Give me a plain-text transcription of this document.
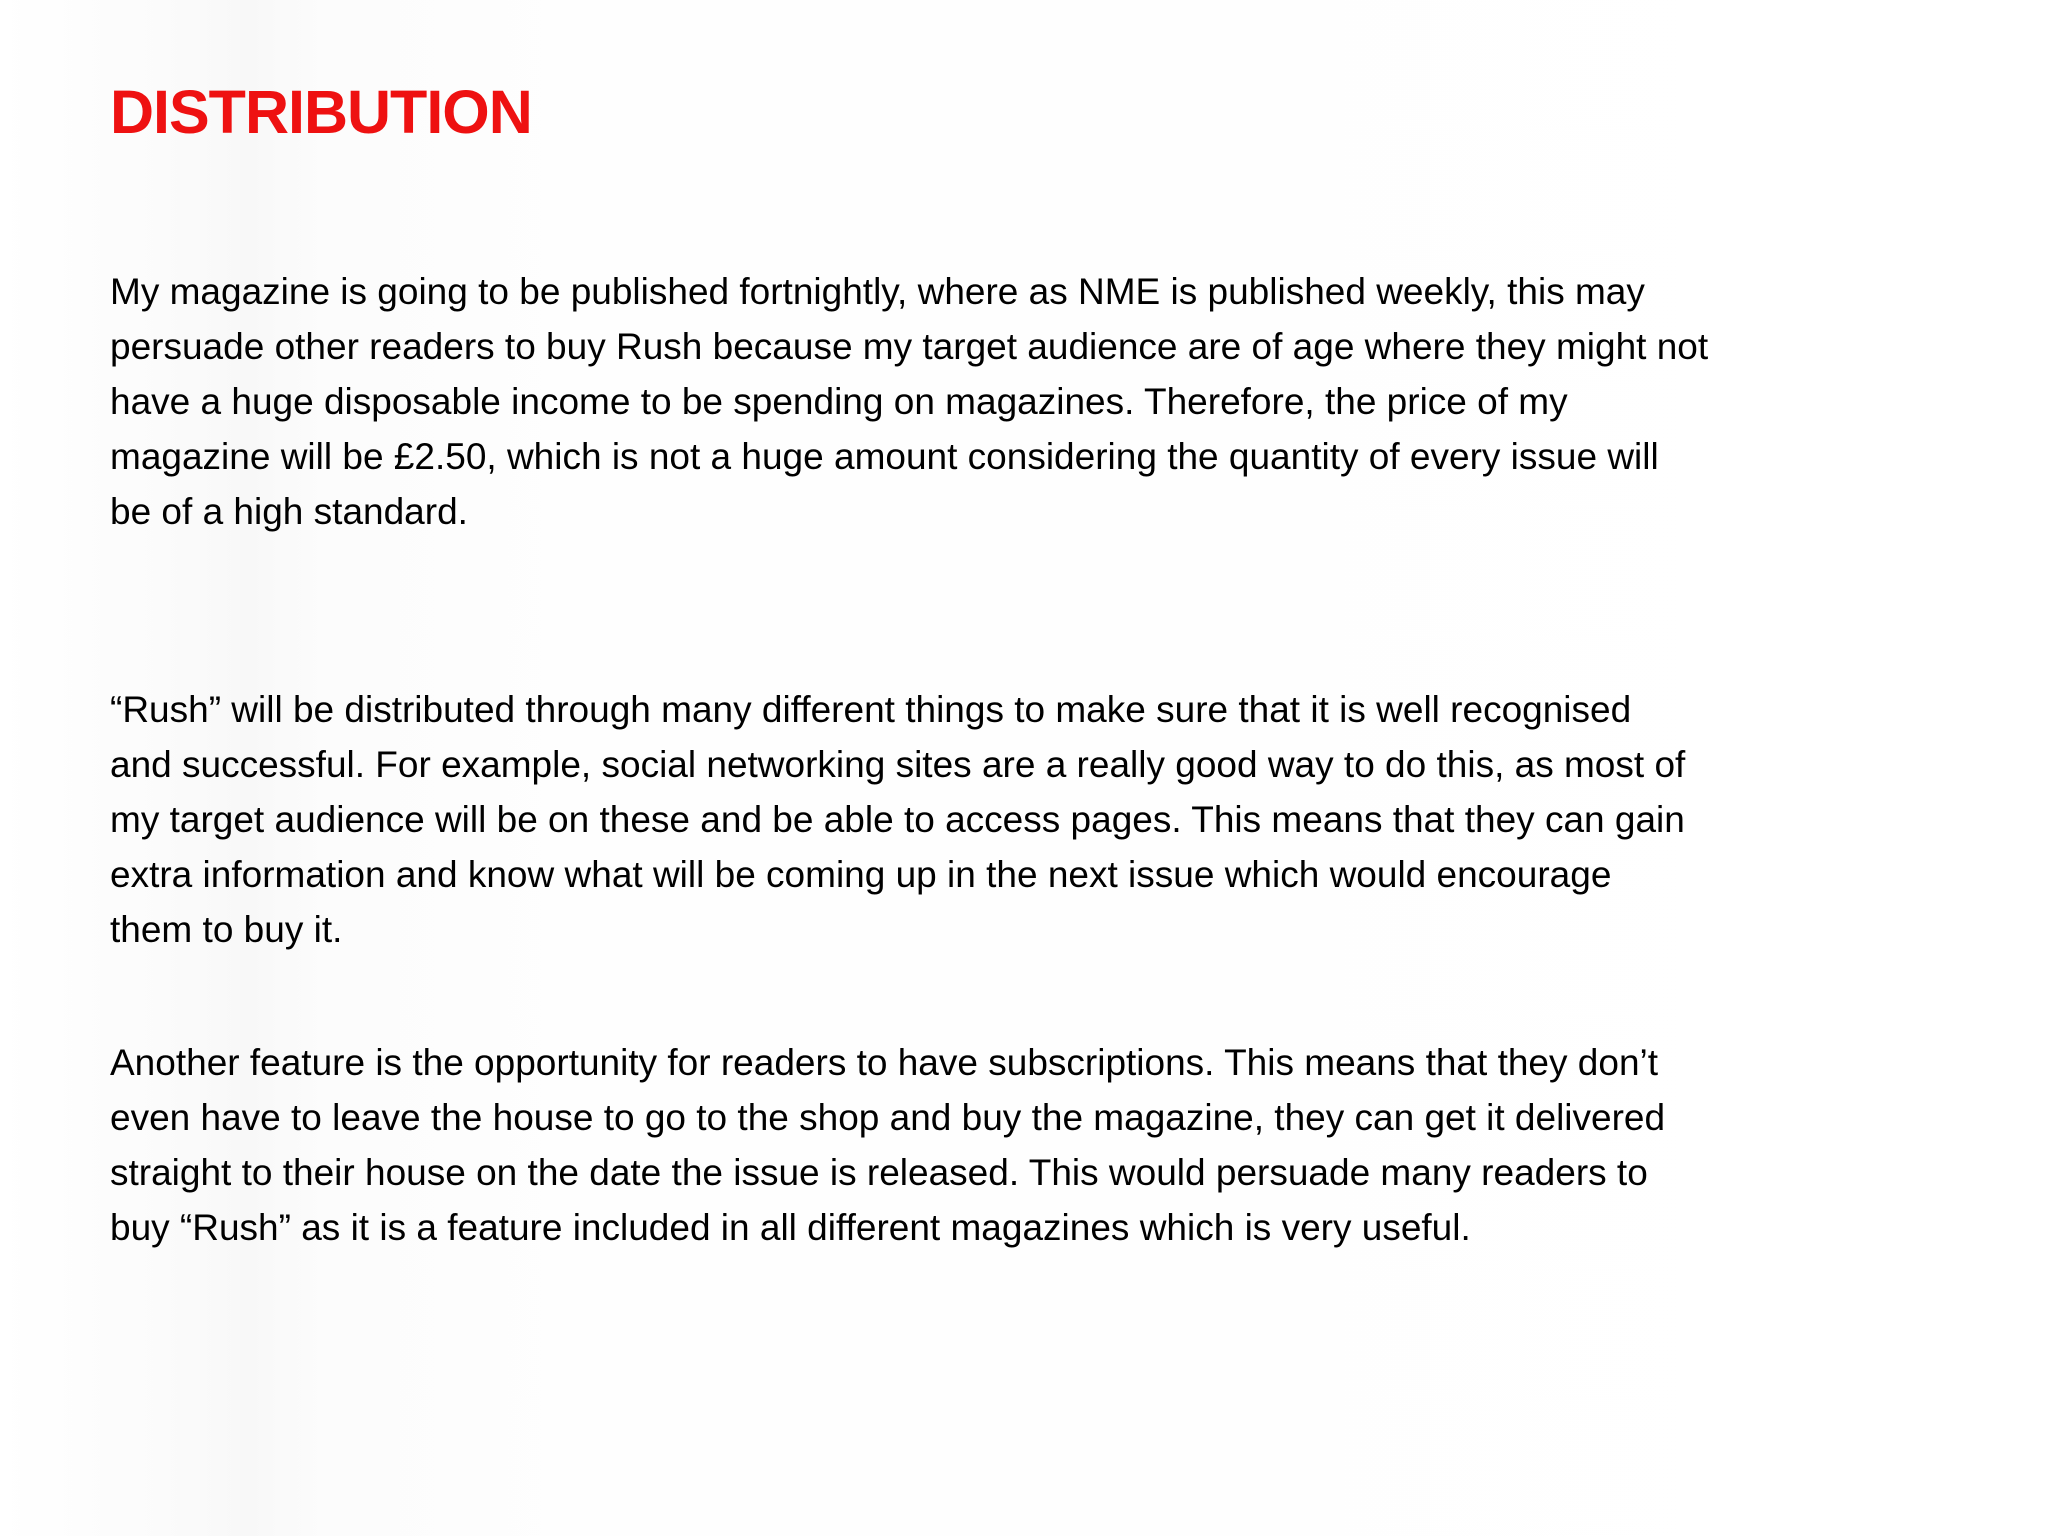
DISTRIBUTION

My magazine is going to be published fortnightly, where as NME is published weekly, this may
persuade other readers to buy Rush because my target audience are of age where they might not
have a huge disposable income to be spending on magazines. Therefore, the price of my
magazine will be £2.50, which is not a huge amount considering the quantity of every issue will
be of a high standard.

“Rush” will be distributed through many different things to make sure that it is well recognised
and successful. For example, social networking sites are a really good way to do this, as most of
my target audience will be on these and be able to access pages. This means that they can gain
extra information and know what will be coming up in the next issue which would encourage
them to buy it.

Another feature is the opportunity for readers to have subscriptions. This means that they don’t
even have to leave the house to go to the shop and buy the magazine, they can get it delivered
straight to their house on the date the issue is released. This would persuade many readers to
buy “Rush” as it is a feature included in all different magazines which is very useful.
